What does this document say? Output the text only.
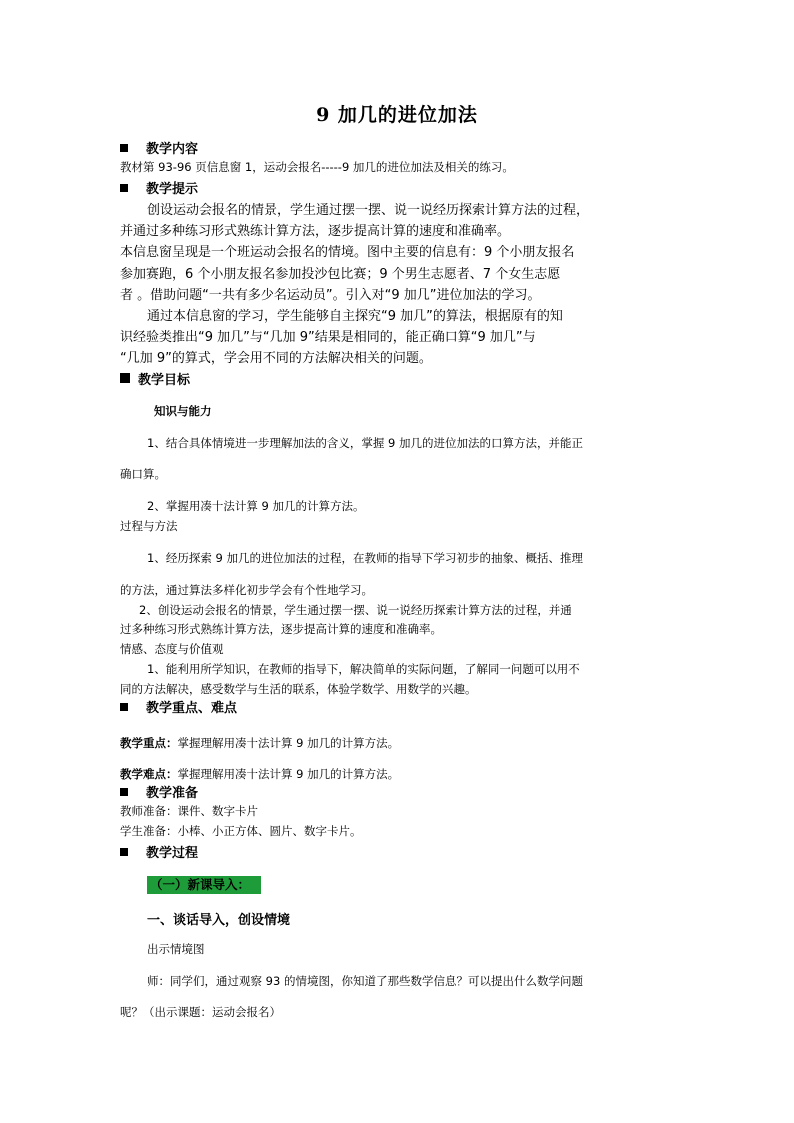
9 加几的进位加法
教学内容
教材第 93-96 页信息窗 1，运动会报名-----9 加几的进位加法及相关的练习。
教学提示
创设运动会报名的情景，学生通过摆一摆、说一说经历探索计算方法的过程，
并通过多种练习形式熟练计算方法，逐步提高计算的速度和准确率。
本信息窗呈现是一个班运动会报名的情境。图中主要的信息有：9 个小朋友报名
参加赛跑，6 个小朋友报名参加投沙包比赛；9 个男生志愿者、7 个女生志愿
者 。借助问题“一共有多少名运动员”。引入对“9 加几”进位加法的学习。
通过本信息窗的学习，学生能够自主探究“9 加几”的算法，根据原有的知
识经验类推出“9 加几”与“几加 9”结果是相同的，能正确口算“9 加几”与
“几加 9”的算式，学会用不同的方法解决相关的问题。
教学目标
知识与能力
1、结合具体情境进一步理解加法的含义，掌握 9 加几的进位加法的口算方法，并能正
确口算。
2、掌握用凑十法计算 9 加几的计算方法。
过程与方法
1、经历探索 9 加几的进位加法的过程，在教师的指导下学习初步的抽象、概括、推理
的方法，通过算法多样化初步学会有个性地学习。
2、创设运动会报名的情景，学生通过摆一摆、说一说经历探索计算方法的过程，并通
过多种练习形式熟练计算方法，逐步提高计算的速度和准确率。
情感、态度与价值观
1、能利用所学知识，在教师的指导下，解决简单的实际问题，了解同一问题可以用不
同的方法解决，感受数学与生活的联系，体验学数学、用数学的兴趣。
教学重点、难点
教学重点：掌握理解用凑十法计算 9 加几的计算方法。
教学难点：掌握理解用凑十法计算 9 加几的计算方法。
教学准备
教师准备：课件、数字卡片
学生准备：小棒、小正方体、圆片、数字卡片。
教学过程
（一）新课导入：
一、谈话导入，创设情境
出示情境图
师：同学们，通过观察 93 的情境图，你知道了那些数学信息？可以提出什么数学问题
呢？（出示课题：运动会报名）
